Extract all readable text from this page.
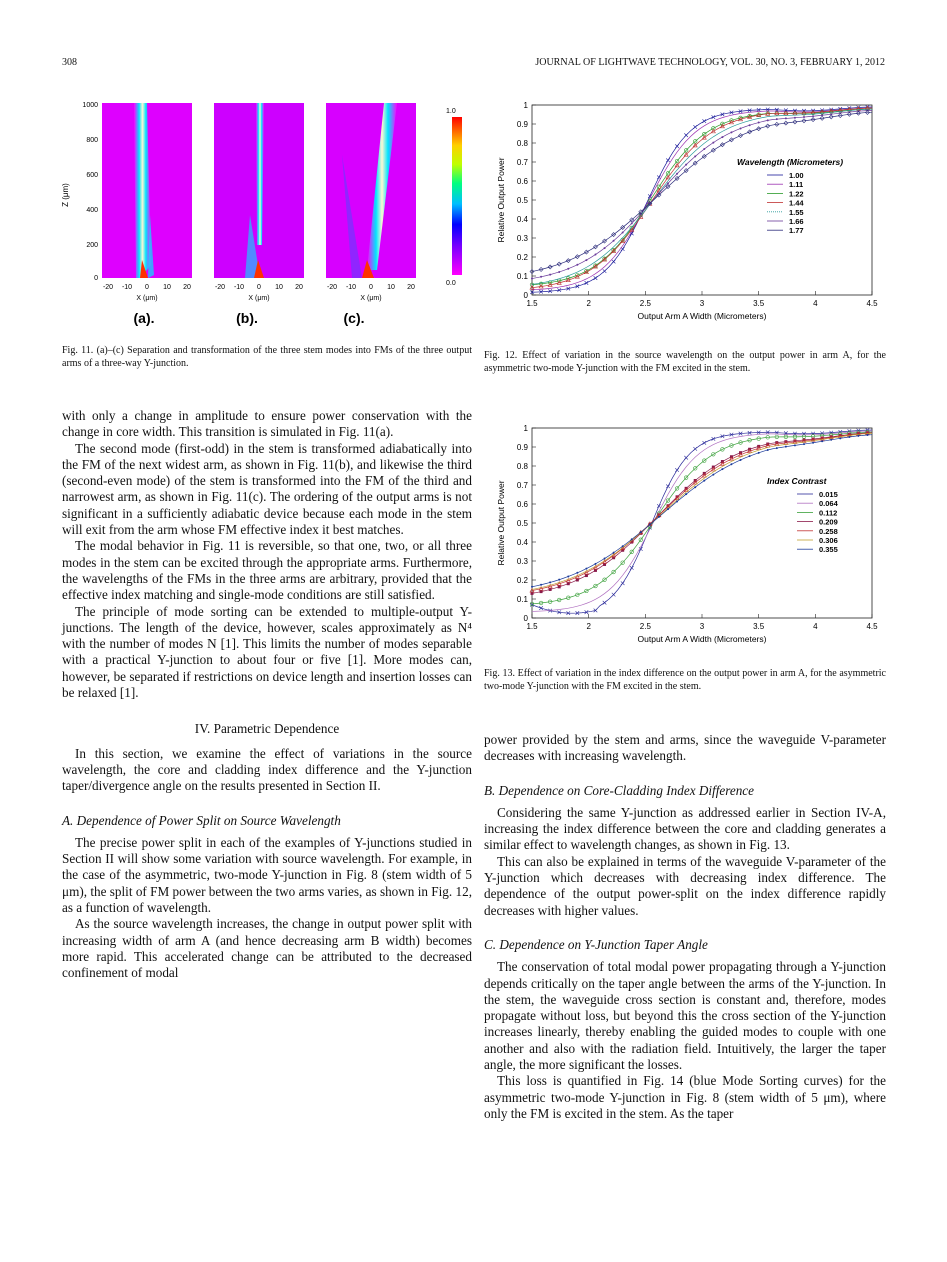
308	JOURNAL OF LIGHTWAVE TECHNOLOGY, VOL. 30, NO. 3, FEBRUARY 1, 2012
Z (μm)
1000
800
600
400
200
0
-20 -10 0 10 20	-20 -10 0 10 20	-20 -10 0 10 20
X (μm)	X (μm)	X (μm)
(a).	(b).	(c).
1.0
0.0
Fig. 11. (a)–(c) Separation and transformation of the three stem modes into FMs of the three output arms of a three-way Y-junction.
0
0.1
0.2
0.3
0.4
0.5
0.6
0.7
0.8
0.9
1
1.5	2	2.5	3	3.5	4	4.5
Output Arm A Width (Micrometers)
Relative Output Power	Wavelength (Micrometers)
1.00
1.11
1.22
1.44
1.55
1.66
1.77
Fig. 12. Effect of variation in the source wavelength on the output power in arm A, for the asymmetric two-mode Y-junction with the FM excited in the stem.
0
0.1
0.2
0.3
0.4
0.5
0.6
0.7
0.8
0.9
1
1.5	2	2.5	3	3.5	4	4.5
Output Arm A Width (Micrometers)
Relative Output Power	Index Contrast
0.015
0.064
0.112
0.209
0.258
0.306
0.355
Fig. 13. Effect of variation in the index difference on the output power in arm A, for the asymmetric two-mode Y-junction with the FM excited in the stem.

with only a change in amplitude to ensure power conservation with the change in core width. This transition is simulated in Fig. 11(a).

The second mode (first-odd) in the stem is transformed adiabatically into the FM of the next widest arm, as shown in Fig. 11(b), and likewise the third (second-even mode) of the stem is transformed into the FM of the third and narrowest arm, as shown in Fig. 11(c). The ordering of the output arms is not significant in a sufficiently adiabatic device because each mode in the stem will exit from the arm whose FM effective index it best matches.

The modal behavior in Fig. 11 is reversible, so that one, two, or all three modes in the stem can be excited through the appropriate arms. Furthermore, the wavelengths of the FMs in the three arms are arbitrary, provided that the effective index matching and single-mode conditions are still satisfied.

The principle of mode sorting can be extended to multiple-output Y-junctions. The length of the device, however, scales approximately as N⁴ with the number of modes N [1]. This limits the number of modes separable with a practical Y-junction to about four or five [1]. More modes can, however, be separated if restrictions on device length and insertion losses can be relaxed [1].

IV. Parametric Dependence

In this section, we examine the effect of variations in the source wavelength, the core and cladding index difference and the Y-junction taper/divergence angle on the results presented in Section II.

A. Dependence of Power Split on Source Wavelength

The precise power split in each of the examples of Y-junctions studied in Section II will show some variation with source wavelength. For example, in the case of the asymmetric, two-mode Y-junction in Fig. 8 (stem width of 5 μm), the split of FM power between the two arms varies, as shown in Fig. 12, as a function of wavelength.

As the source wavelength increases, the change in output power split with increasing width of arm A (and hence decreasing arm B width) becomes more rapid. This accelerated change can be attributed to the decreased confinement of modal

power provided by the stem and arms, since the waveguide V-parameter decreases with increasing wavelength.

B. Dependence on Core-Cladding Index Difference

Considering the same Y-junction as addressed earlier in Section IV-A, increasing the index difference between the core and cladding generates a similar effect to wavelength changes, as shown in Fig. 13.

This can also be explained in terms of the waveguide V-parameter of the Y-junction which decreases with decreasing index difference. The dependence of the output power-split on the index difference rapidly decreases with higher values.

C. Dependence on Y-Junction Taper Angle

The conservation of total modal power propagating through a Y-junction depends critically on the taper angle between the arms of the Y-junction. In the stem, the waveguide cross section is constant and, therefore, modes propagate without loss, but beyond this the cross section of the Y-junction increases linearly, thereby enabling the guided modes to couple with one another and also with the radiation field. Intuitively, the larger the taper angle, the more significant the losses.

This loss is quantified in Fig. 14 (blue Mode Sorting curves) for the asymmetric two-mode Y-junction in Fig. 8 (stem width of 5 μm), where only the FM is excited in the stem. As the taper
